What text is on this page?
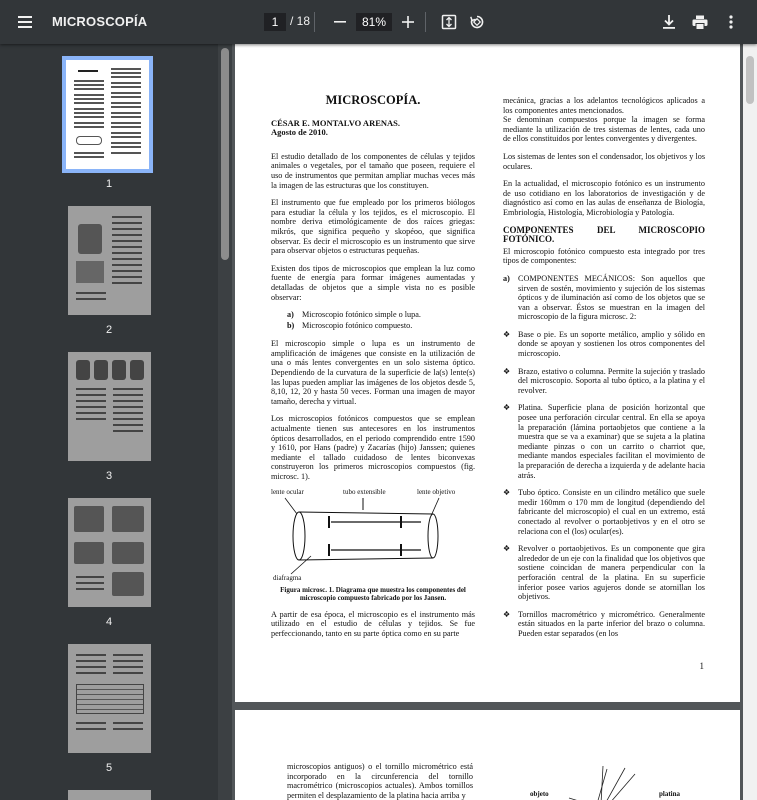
MICROSCOPÍA	1 / 18	81%
1
2
3
4
5
MICROSCOPÍA.
CÉSAR E. MONTALVO ARENAS.
Agosto de 2010.

El estudio detallado de los componentes de células y tejidos animales o vegetales, por el tamaño que poseen, requiere el uso de instrumentos que permitan ampliar muchas veces más la imagen de las estructuras que los constituyen.

El instrumento que fue empleado por los primeros biólogos para estudiar la célula y los tejidos, es el microscopio. El nombre deriva etimológicamente de dos raíces griegas: mikrós, que significa pequeño y skopéoo, que significa observar. Es decir el microscopio es un instrumento que sirve para observar objetos o estructuras pequeñas.

Existen dos tipos de microscopios que emplean la luz como fuente de energía para formar imágenes aumentadas y detalladas de objetos que a simple vista no es posible observar:

a) Microscopio fotónico simple o lupa.
b) Microscopio fotónico compuesto.

El microscopio simple o lupa es un instrumento de amplificación de imágenes que consiste en la utilización de una o más lentes convergentes en un solo sistema óptico. Dependiendo de la curvatura de la superficie de la(s) lente(s) las lupas pueden ampliar las imágenes de los objetos desde 5, 8,10, 12, 20 y hasta 50 veces. Forman una imagen de mayor tamaño, derecha y virtual.

Los microscopios fotónicos compuestos que se emplean actualmente tienen sus antecesores en los instrumentos ópticos desarrollados, en el periodo comprendido entre 1590 y 1610, por Hans (padre) y Zacarías (hijo) Janssen; quienes mediante el tallado cuidadoso de lentes biconvexas construyeron los primeros microscopios compuestos (fig. microsc. 1).

lente ocular	tubo extensible	lente objetivo
diafragma
Figura microsc. 1. Diagrama que muestra los componentes del microscopio compuesto fabricado por los Jansen.

A partir de esa época, el microscopio es el instrumento más utilizado en el estudio de células y tejidos. Se fue perfeccionando, tanto en su parte óptica como en su parte

mecánica, gracias a los adelantos tecnológicos aplicados a los componentes antes mencionados.

Se denominan compuestos porque la imagen se forma mediante la utilización de tres sistemas de lentes, cada uno de ellos constituidos por lentes convergentes y divergentes.

Los sistemas de lentes son el condensador, los objetivos y los oculares.

En la actualidad, el microscopio fotónico es un instrumento de uso cotidiano en los laboratorios de investigación y de diagnóstico así como en las aulas de enseñanza de Biología, Embriología, Histología, Microbiología y Patología.

COMPONENTES DEL MICROSCOPIO FOTÓNICO.

El microscopio fotónico compuesto esta integrado por tres tipos de componentes:

a) COMPONENTES MECÁNICOS: Son aquellos que sirven de sostén, movimiento y sujeción de los sistemas ópticos y de iluminación así como de los objetos que se van a observar. Éstos se muestran en la imagen del microscopio de la figura microsc. 2:
❖ Base o pie. Es un soporte metálico, amplio y sólido en donde se apoyan y sostienen los otros componentes del microscopio.
❖ Brazo, estativo o columna. Permite la sujeción y traslado del microscopio. Soporta al tubo óptico, a la platina y el revolver.
❖ Platina. Superficie plana de posición horizontal que posee una perforación circular central. En ella se apoya la preparación (lámina portaobjetos que contiene a la muestra que se va a examinar) que se sujeta a la platina mediante pinzas o con un carrito o charriot que, mediante mandos especiales facilitan el movimiento de la preparación de derecha a izquierda y de adelante hacia atrás.
❖ Tubo óptico. Consiste en un cilindro metálico que suele medir 160mm o 170 mm de longitud (dependiendo del fabricante del microscopio) el cual en un extremo, está conectado al revolver o portaobjetivos y en el otro se relaciona con el (los) ocular(es).
❖ Revolver o portaobjetivos. Es un componente que gira alrededor de un eje con la finalidad que los objetivos que sostiene coincidan de manera perpendicular con la perforación central de la platina. En su superficie inferior posee varios agujeros donde se atornillan los objetivos.
❖ Tornillos macrométrico y micrométrico. Generalmente están situados en la parte inferior del brazo o columna. Pueden estar separados (en los
1
microscopios antiguos) o el tornillo micrométrico está incorporado en la circunferencia del tornillo macrométrico (microscopios actuales). Ambos tornillos permiten el desplazamiento de la platina hacia arriba y	objeto	platina
